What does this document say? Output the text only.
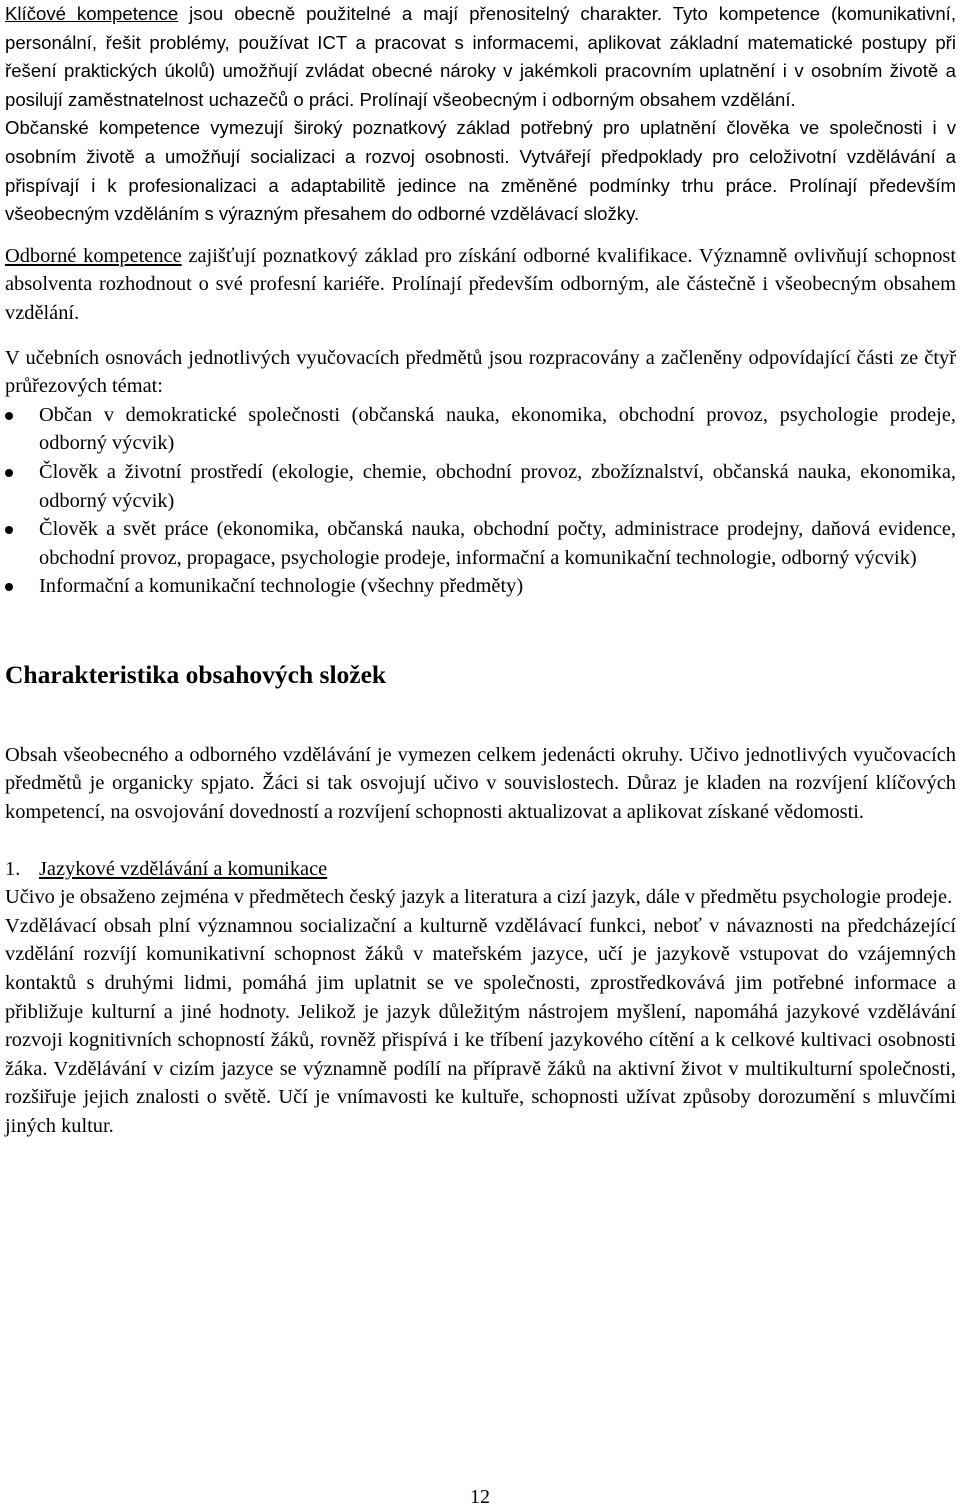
Klíčové kompetence jsou obecně použitelné a mají přenositelný charakter. Tyto kompetence (komunikativní, personální, řešit problémy, používat ICT a pracovat s informacemi, aplikovat základní matematické postupy při řešení praktických úkolů) umožňují zvládat obecné nároky v jakémkoli pracovním uplatnění i v osobním životě a posilují zaměstnatelnost uchazečů o práci. Prolínají všeobecným i odborným obsahem vzdělání.

Občanské kompetence vymezují široký poznatkový základ potřebný pro uplatnění člověka ve společnosti i v osobním životě a umožňují socializaci a rozvoj osobnosti. Vytvářejí předpoklady pro celoživotní vzdělávání a přispívají i k profesionalizaci a adaptabilitě jedince na změněné podmínky trhu práce. Prolínají především všeobecným vzděláním s výrazným přesahem do odborné vzdělávací složky.

Odborné kompetence zajišťují poznatkový základ pro získání odborné kvalifikace. Významně ovlivňují schopnost absolventa rozhodnout o své profesní kariéře. Prolínají především odborným, ale částečně i všeobecným obsahem vzdělání.

V učebních osnovách jednotlivých vyučovacích předmětů jsou rozpracovány a začleněny odpovídající části ze čtyř průřezových témat:

Občan v demokratické společnosti (občanská nauka, ekonomika, obchodní provoz, psychologie prodeje, odborný výcvik)
Člověk a životní prostředí (ekologie, chemie, obchodní provoz, zbožíznalství, občanská nauka, ekonomika, odborný výcvik)
Člověk a svět práce (ekonomika, občanská nauka, obchodní počty, administrace prodejny, daňová evidence, obchodní provoz, propagace, psychologie prodeje, informační a komunikační technologie, odborný výcvik)
Informační a komunikační technologie (všechny předměty)
Charakteristika obsahových složek

Obsah všeobecného a odborného vzdělávání je vymezen celkem jedenácti okruhy. Učivo jednotlivých vyučovacích předmětů je organicky spjato. Žáci si tak osvojují učivo v souvislostech. Důraz je kladen na rozvíjení klíčových kompetencí, na osvojování dovedností a rozvíjení schopnosti aktualizovat a aplikovat získané vědomosti.

1. Jazykové vzdělávání a komunikace

Učivo je obsaženo zejména v předmětech český jazyk a literatura a cizí jazyk, dále v předmětu psychologie prodeje.

Vzdělávací obsah plní významnou socializační a kulturně vzdělávací funkci, neboť v návaznosti na předcházející vzdělání rozvíjí komunikativní schopnost žáků v mateřském jazyce, učí je jazykově vstupovat do vzájemných kontaktů s druhými lidmi, pomáhá jim uplatnit se ve společnosti, zprostředkovává jim potřebné informace a přibližuje kulturní a jiné hodnoty. Jelikož je jazyk důležitým nástrojem myšlení, napomáhá jazykové vzdělávání rozvoji kognitivních schopností žáků, rovněž přispívá i ke tříbení jazykového cítění a k celkové kultivaci osobnosti žáka. Vzdělávání v cizím jazyce se významně podílí na přípravě žáků na aktivní život v multikulturní společnosti, rozšiřuje jejich znalosti o světě. Učí je vnímavosti ke kultuře, schopnosti užívat způsoby dorozumění s mluvčími jiných kultur.

12
